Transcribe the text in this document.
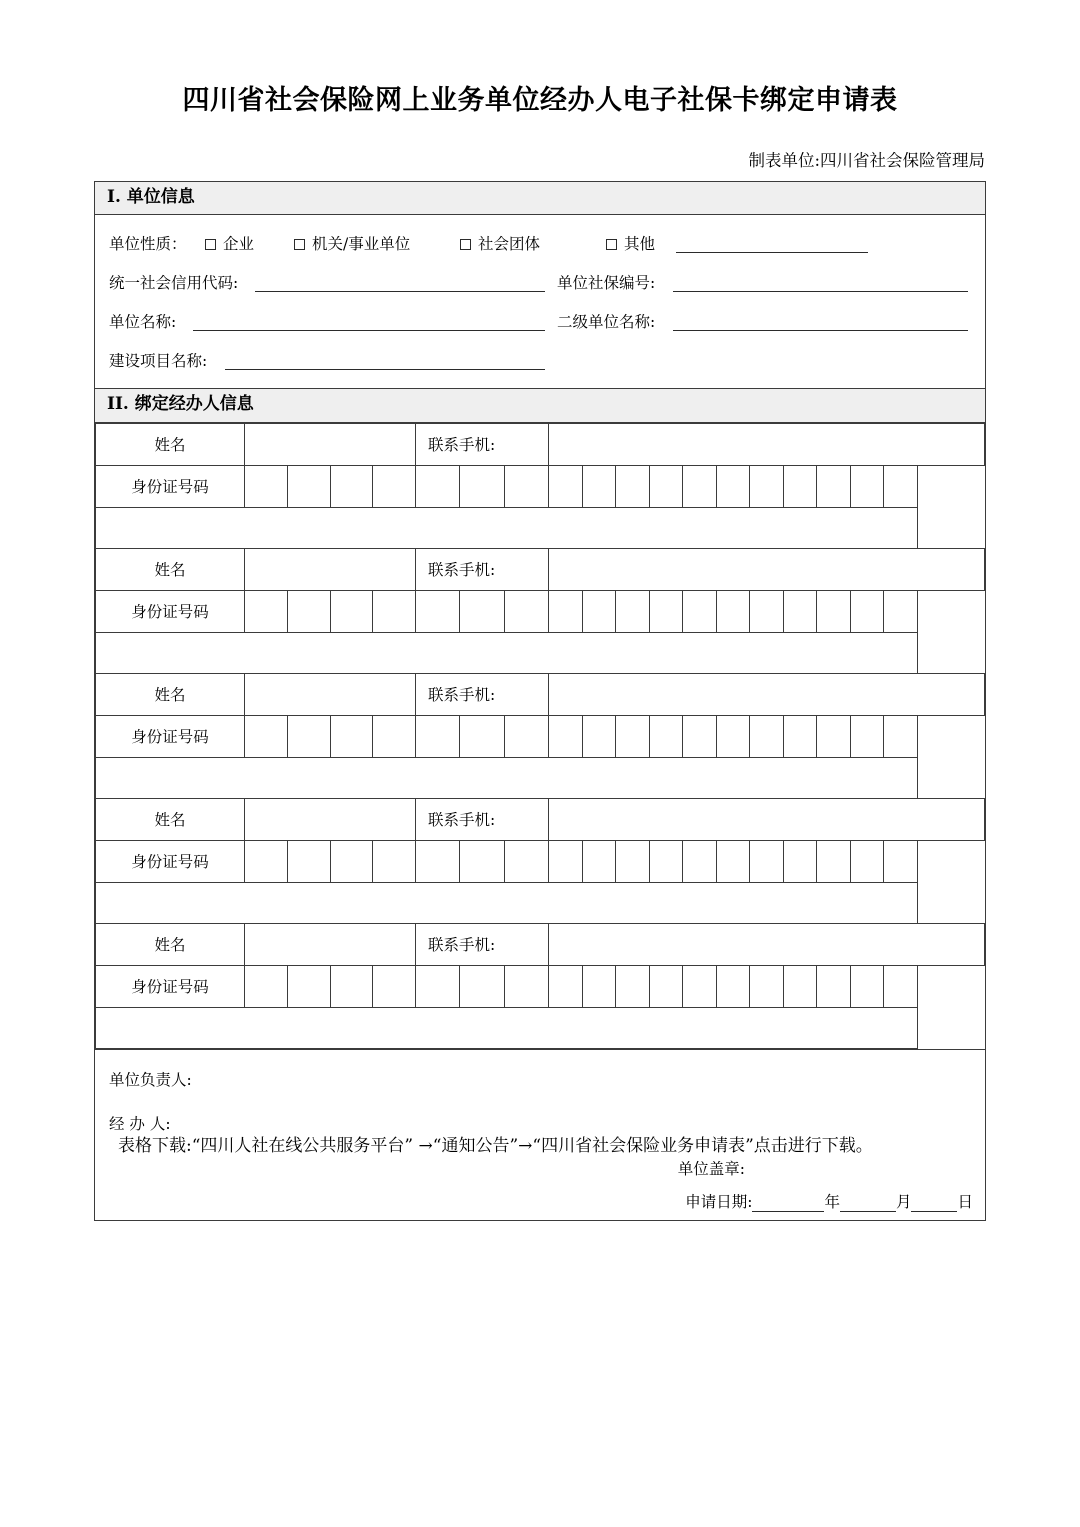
四川省社会保险网上业务单位经办人电子社保卡绑定申请表
制表单位:四川省社会保险管理局
I. 单位信息
单位性质：	企业	机关/事业单位	社会团体	其他
统一社会信用代码:	单位社保编号:
单位名称:	二级单位名称:
建设项目名称:
II. 绑定经办人信息
姓名					联系手机:													
身份证号码																		

姓名					联系手机:													
身份证号码																		

姓名					联系手机:													
身份证号码																		

姓名					联系手机:													
身份证号码																		

姓名					联系手机:													
身份证号码																		

单位负责人:
经 办 人:
单位盖章:
申请日期:	年	月	日
表格下载:“四川人社在线公共服务平台” →“通知公告”→“四川省社会保险业务申请表”点击进行下载。
